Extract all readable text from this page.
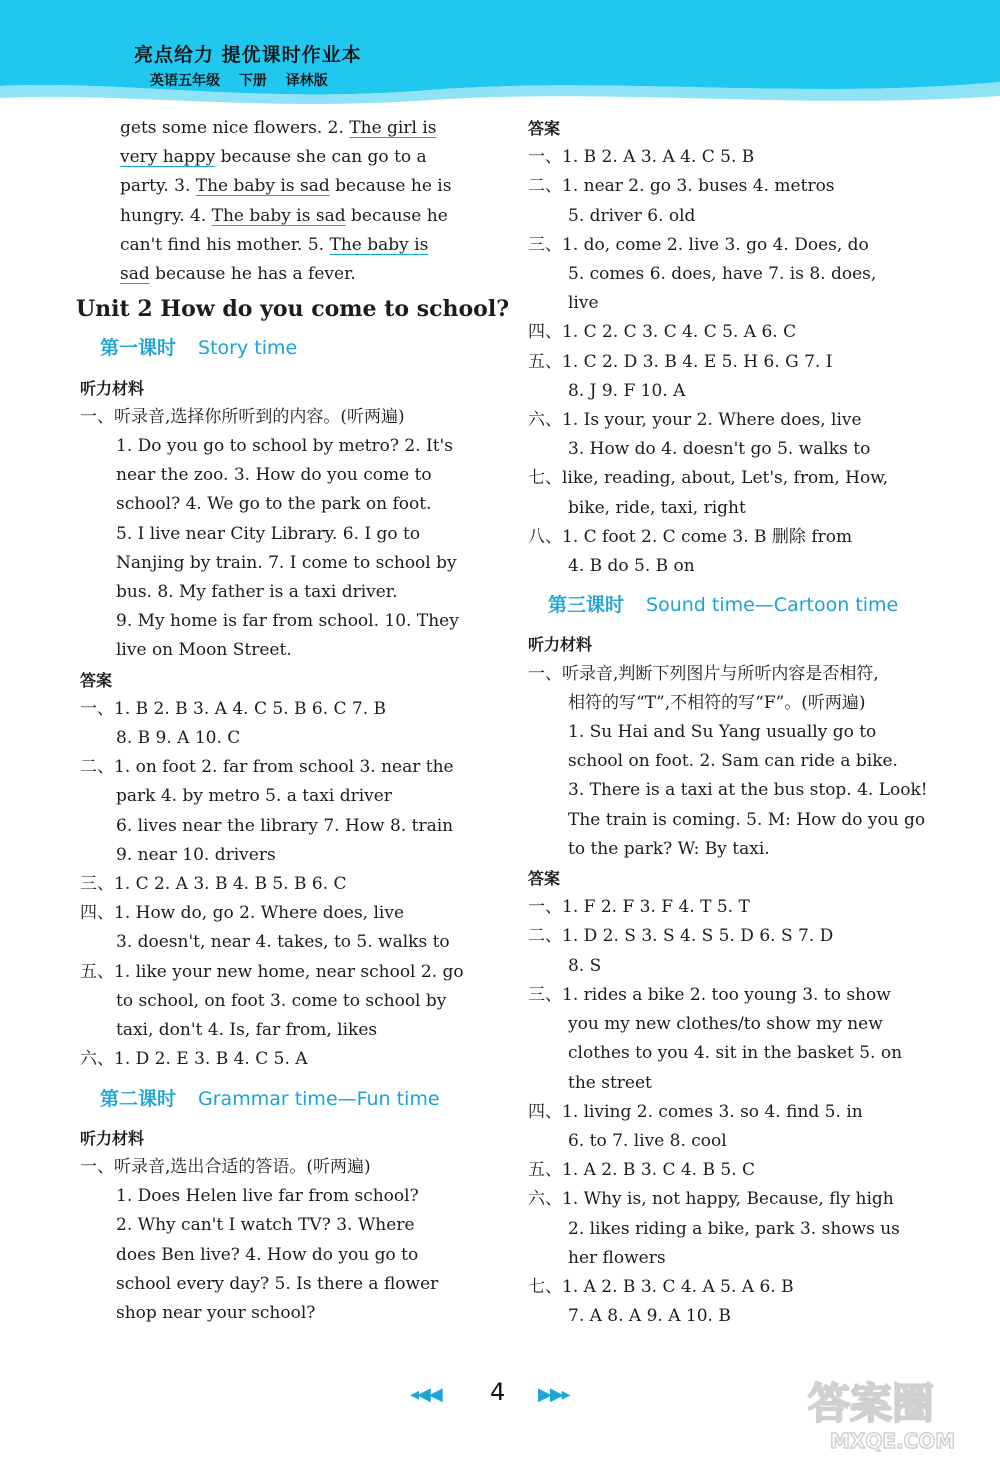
亮点给力 提优课时作业本
英语五年级 下册 译林版
gets some nice flowers. 2. The girl is
very happy because she can go to a
party. 3. The baby is sad because he is
hungry. 4. The baby is sad because he
can't find his mother. 5. The baby is
sad because he has a fever.
Unit 2 How do you come to school?
第一课时 Story time
听力材料
一、听录音,选择你所听到的内容。(听两遍)
1. Do you go to school by metro? 2. It's
near the zoo. 3. How do you come to
school? 4. We go to the park on foot.
5. I live near City Library. 6. I go to
Nanjing by train. 7. I come to school by
bus. 8. My father is a taxi driver.
9. My home is far from school. 10. They
live on Moon Street.
答案
一、1. B 2. B 3. A 4. C 5. B 6. C 7. B
8. B 9. A 10. C
二、1. on foot 2. far from school 3. near the
park 4. by metro 5. a taxi driver
6. lives near the library 7. How 8. train
9. near 10. drivers
三、1. C 2. A 3. B 4. B 5. B 6. C
四、1. How do, go 2. Where does, live
3. doesn't, near 4. takes, to 5. walks to
五、1. like your new home, near school 2. go
to school, on foot 3. come to school by
taxi, don't 4. Is, far from, likes
六、1. D 2. E 3. B 4. C 5. A
第二课时 Grammar time—Fun time
听力材料
一、听录音,选出合适的答语。(听两遍)
1. Does Helen live far from school?
2. Why can't I watch TV? 3. Where
does Ben live? 4. How do you go to
school every day? 5. Is there a flower
shop near your school?
答案
一、1. B 2. A 3. A 4. C 5. B
二、1. near 2. go 3. buses 4. metros
5. driver 6. old
三、1. do, come 2. live 3. go 4. Does, do
5. comes 6. does, have 7. is 8. does,
live
四、1. C 2. C 3. C 4. C 5. A 6. C
五、1. C 2. D 3. B 4. E 5. H 6. G 7. I
8. J 9. F 10. A
六、1. Is your, your 2. Where does, live
3. How do 4. doesn't go 5. walks to
七、like, reading, about, Let's, from, How,
bike, ride, taxi, right
八、1. C foot 2. C come 3. B 删除 from
4. B do 5. B on
第三课时 Sound time—Cartoon time
听力材料
一、听录音,判断下列图片与所听内容是否相符,
相符的写“T”,不相符的写“F”。(听两遍)
1. Su Hai and Su Yang usually go to
school on foot. 2. Sam can ride a bike.
3. There is a taxi at the bus stop. 4. Look!
The train is coming. 5. M: How do you go
to the park? W: By taxi.
答案
一、1. F 2. F 3. F 4. T 5. T
二、1. D 2. S 3. S 4. S 5. D 6. S 7. D
8. S
三、1. rides a bike 2. too young 3. to show
you my new clothes/to show my new
clothes to you 4. sit in the basket 5. on
the street
四、1. living 2. comes 3. so 4. find 5. in
6. to 7. live 8. cool
五、1. A 2. B 3. C 4. B 5. C
六、1. Why is, not happy, Because, fly high
2. likes riding a bike, park 3. shows us
her flowers
七、1. A 2. B 3. C 4. A 5. A 6. B
7. A 8. A 9. A 10. B
◂◀◀ 4 ▶▶▸	答案圈
MXQE.COM
